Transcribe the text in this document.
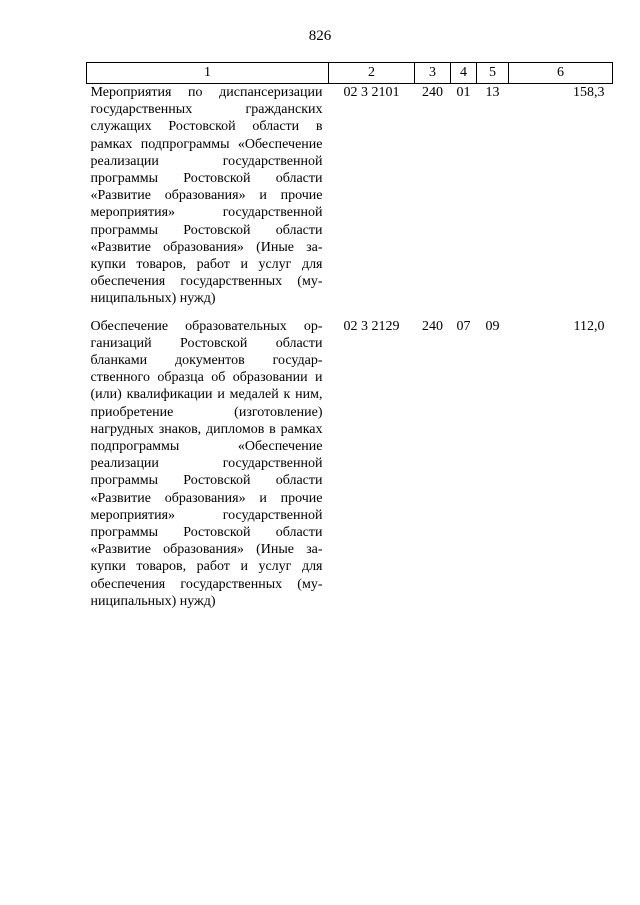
826
1	2	3	4	5	6
Мероприятия по диспансеризации государственных гражданских служащих Ростовской области в рамках подпрограммы «Обеспечение реализации государственной программы Ростовской области «Развитие образования» и прочие мероприятия» государственной программы Ростовской области «Развитие образования» (Иные закупки товаров, работ и услуг для обеспечения государственных (муниципальных) нужд)	02 3 2101	240	01	13	158,3
Обеспечение образовательных организаций Ростовской области бланками документов государственного образца об образовании и (или) квалификации и медалей к ним, приобретение (изготовление) нагрудных знаков, дипломов в рамках подпрограммы «Обеспечение реализации государственной программы Ростовской области «Развитие образования» и прочие мероприятия» государственной программы Ростовской области «Развитие образования» (Иные закупки товаров, работ и услуг для обеспечения государственных (муниципальных) нужд)	02 3 2129	240	07	09	112,0
